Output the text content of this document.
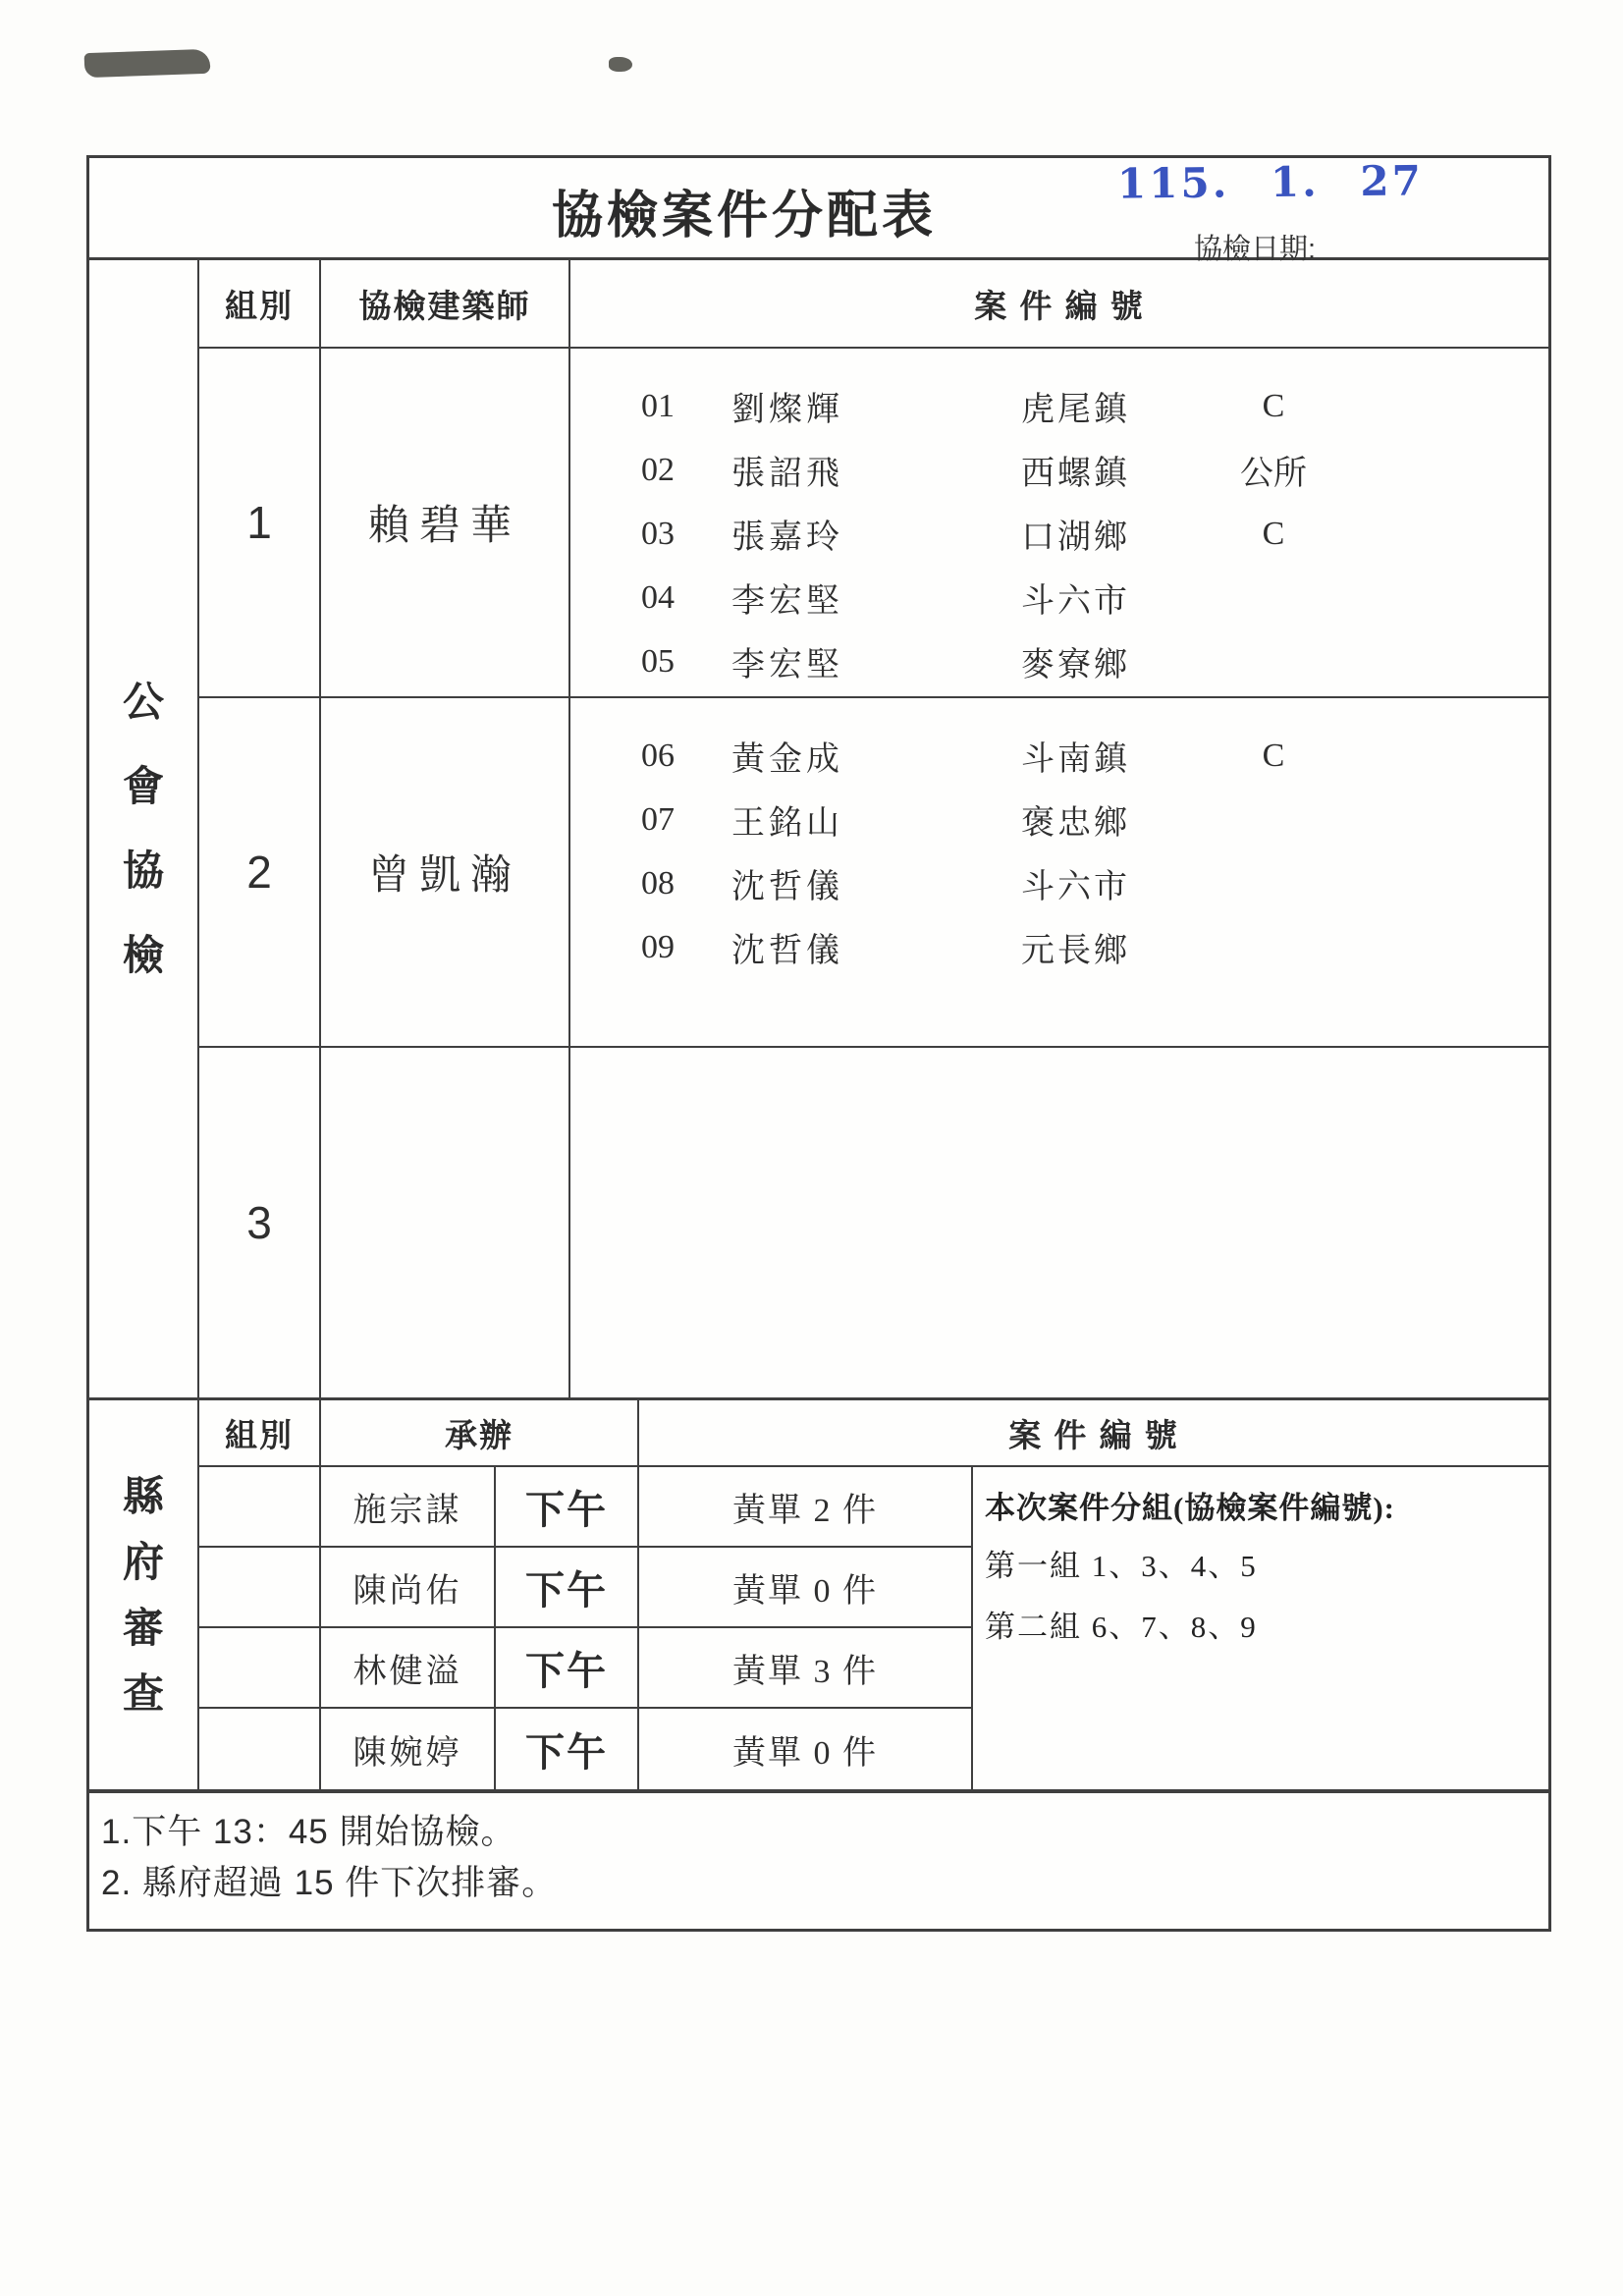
協檢案件分配表
115. 1. 27
協檢日期:
公會協檢
組別	協檢建築師	案 件 編 號
1	賴碧華
01	劉燦輝	虎尾鎮	C
02	張詔飛	西螺鎮	公所
03	張嘉玲	口湖鄉	C
04	李宏堅	斗六市
05	李宏堅	麥寮鄉
2	曾凱瀚
06	黃金成	斗南鎮	C
07	王銘山	褒忠鄉
08	沈哲儀	斗六市
09	沈哲儀	元長鄉
3
縣府審查
組別	承辦	案 件 編 號
施宗謀	下午	黃單 2 件
陳尚佑	下午	黃單 0 件
林健溢	下午	黃單 3 件
陳婉婷	下午	黃單 0 件
本次案件分組(協檢案件編號):
第一組 1、3、4、5
第二組 6、7、8、9
1.下午 13：45 開始協檢。
2. 縣府超過 15 件下次排審。
